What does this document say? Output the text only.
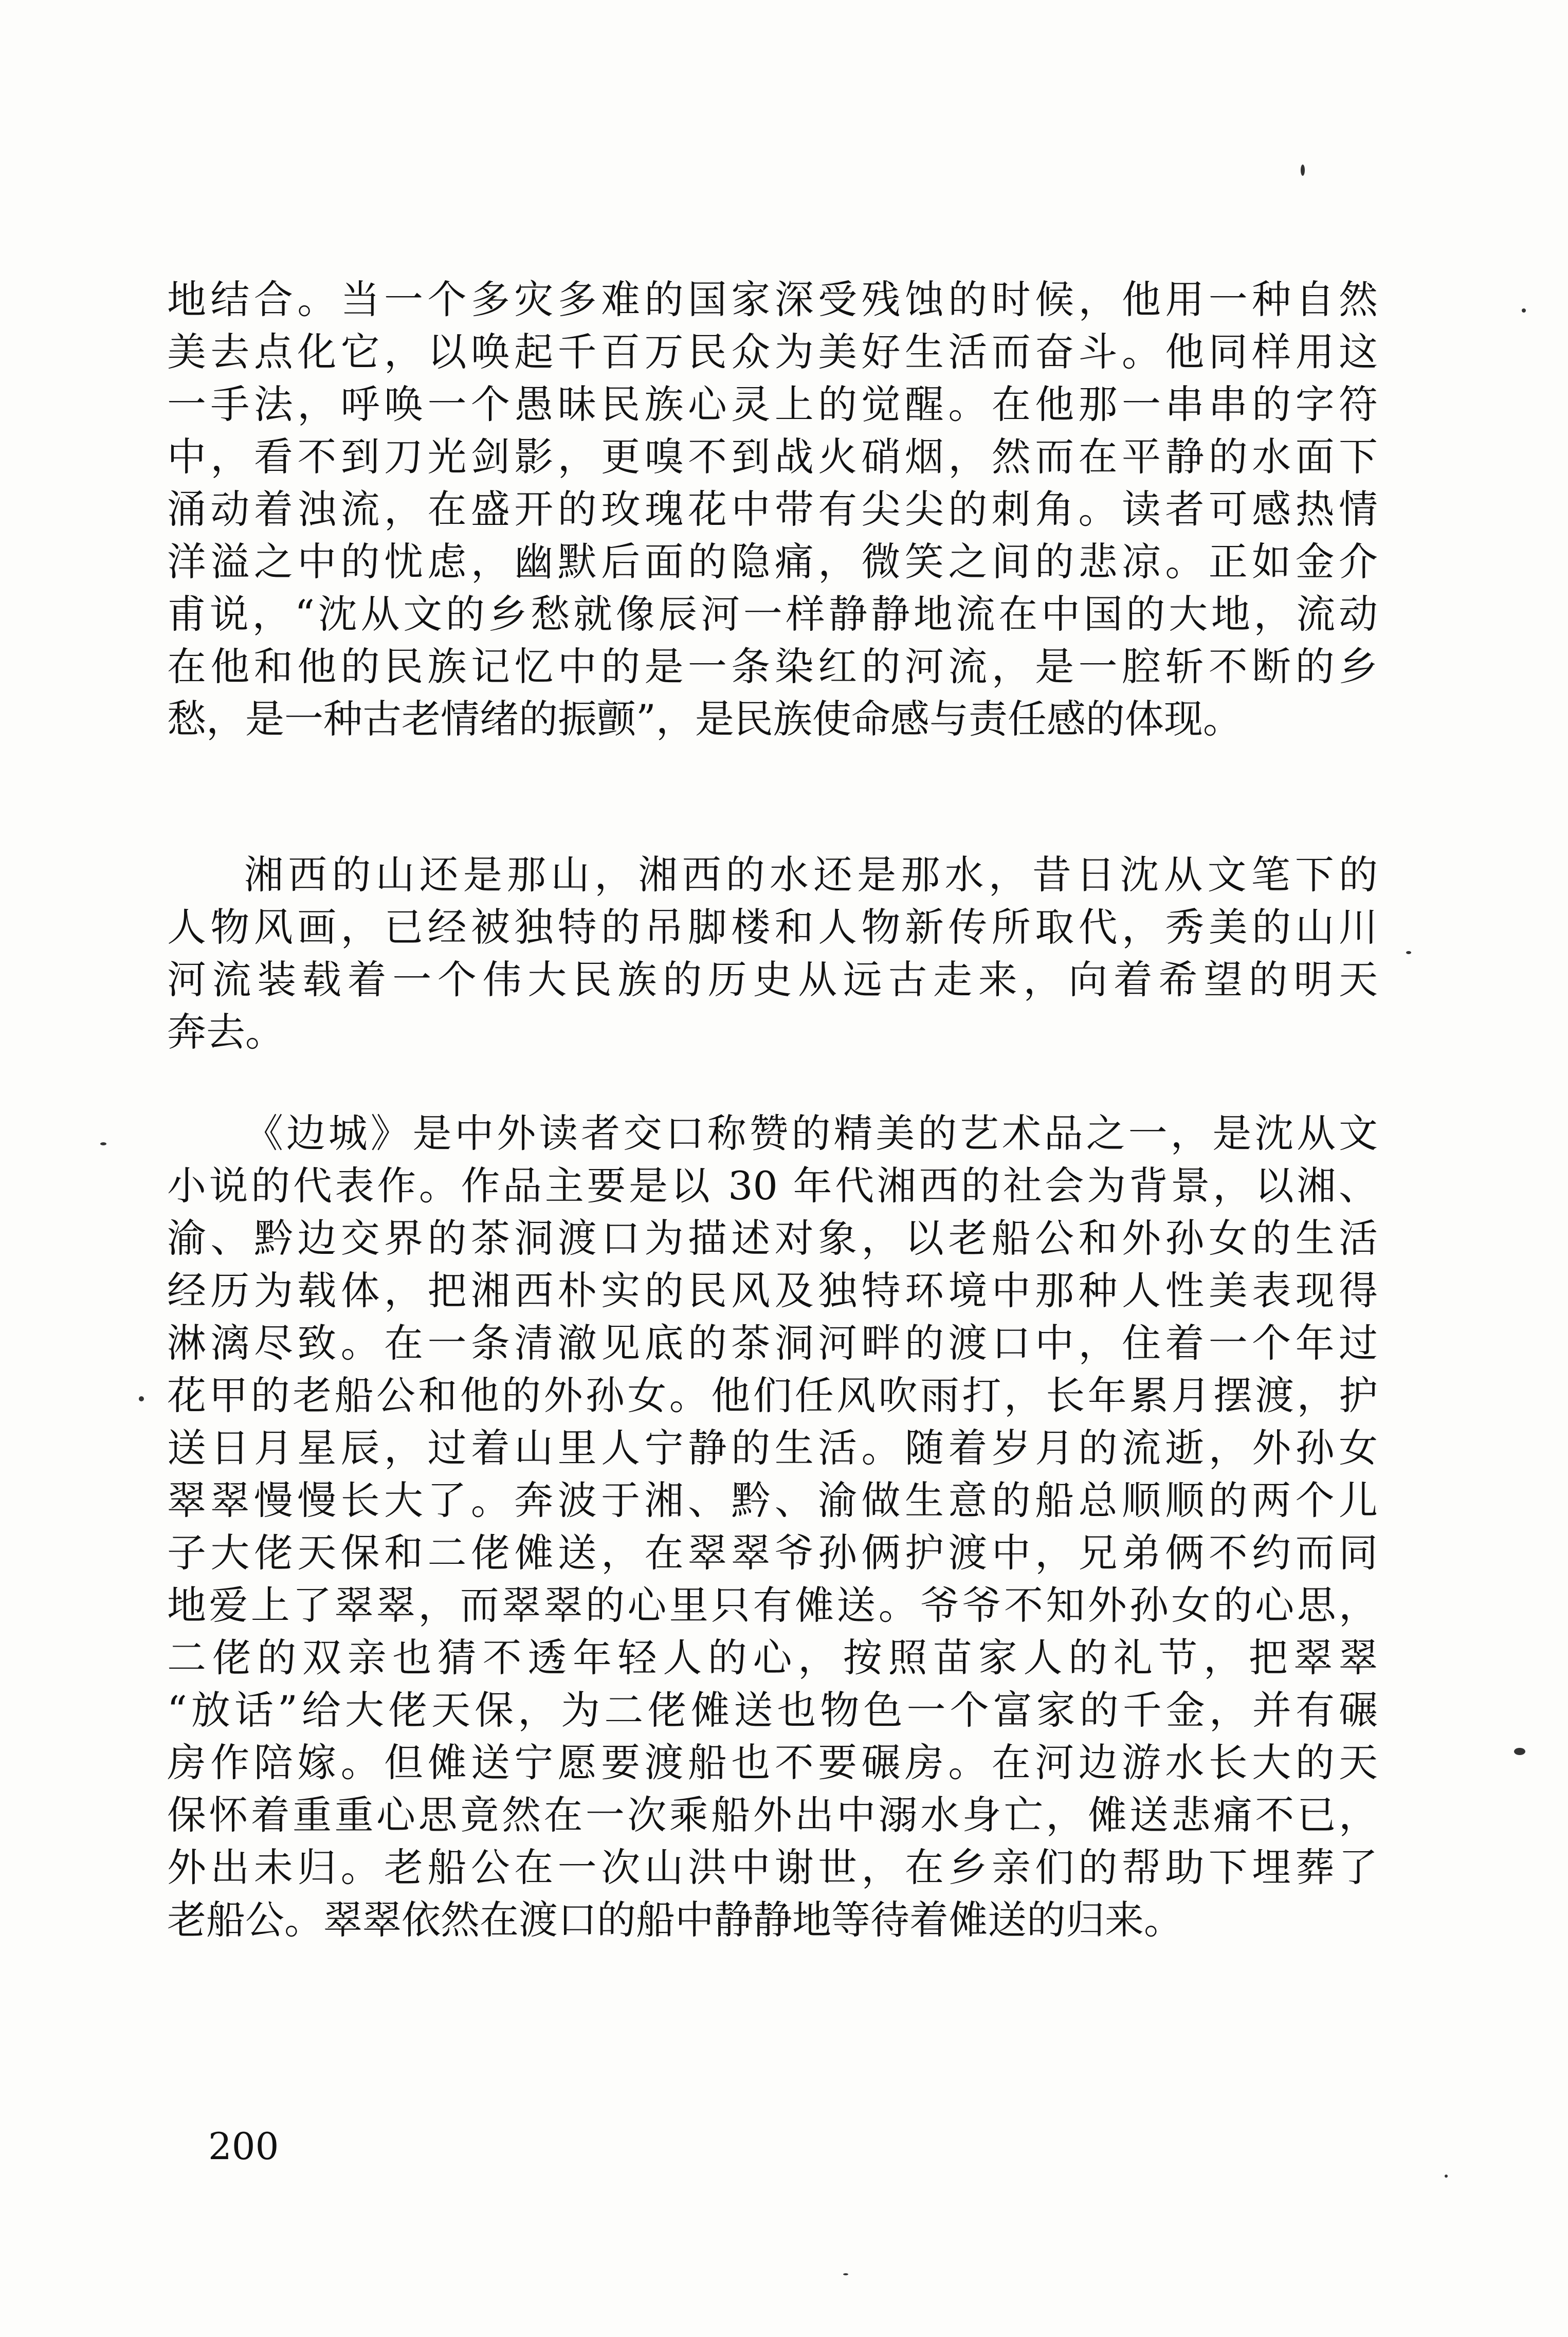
地结合。当一个多灾多难的国家深受残蚀的时候，他用一种自然
美去点化它，以唤起千百万民众为美好生活而奋斗。他同样用这
一手法，呼唤一个愚昧民族心灵上的觉醒。在他那一串串的字符
中，看不到刀光剑影，更嗅不到战火硝烟，然而在平静的水面下
涌动着浊流，在盛开的玫瑰花中带有尖尖的刺角。读者可感热情
洋溢之中的忧虑，幽默后面的隐痛，微笑之间的悲凉。正如金介
甫说，“沈从文的乡愁就像辰河一样静静地流在中国的大地，流动
在他和他的民族记忆中的是一条染红的河流，是一腔斩不断的乡
愁，是一种古老情绪的振颤”，是民族使命感与责任感的体现。
湘西的山还是那山，湘西的水还是那水，昔日沈从文笔下的
人物风画，已经被独特的吊脚楼和人物新传所取代，秀美的山川
河流装载着一个伟大民族的历史从远古走来，向着希望的明天
奔去。
《边城》是中外读者交口称赞的精美的艺术品之一，是沈从文
小说的代表作。作品主要是以 30 年代湘西的社会为背景，以湘、
渝、黔边交界的茶洞渡口为描述对象，以老船公和外孙女的生活
经历为载体，把湘西朴实的民风及独特环境中那种人性美表现得
淋漓尽致。在一条清澈见底的茶洞河畔的渡口中，住着一个年过
花甲的老船公和他的外孙女。他们任风吹雨打，长年累月摆渡，护
送日月星辰，过着山里人宁静的生活。随着岁月的流逝，外孙女
翠翠慢慢长大了。奔波于湘、黔、渝做生意的船总顺顺的两个儿
子大佬天保和二佬傩送，在翠翠爷孙俩护渡中，兄弟俩不约而同
地爱上了翠翠，而翠翠的心里只有傩送。爷爷不知外孙女的心思，
二佬的双亲也猜不透年轻人的心，按照苗家人的礼节，把翠翠
“放话”给大佬天保，为二佬傩送也物色一个富家的千金，并有碾
房作陪嫁。但傩送宁愿要渡船也不要碾房。在河边游水长大的天
保怀着重重心思竟然在一次乘船外出中溺水身亡，傩送悲痛不已，
外出未归。老船公在一次山洪中谢世，在乡亲们的帮助下埋葬了
老船公。翠翠依然在渡口的船中静静地等待着傩送的归来。
200
